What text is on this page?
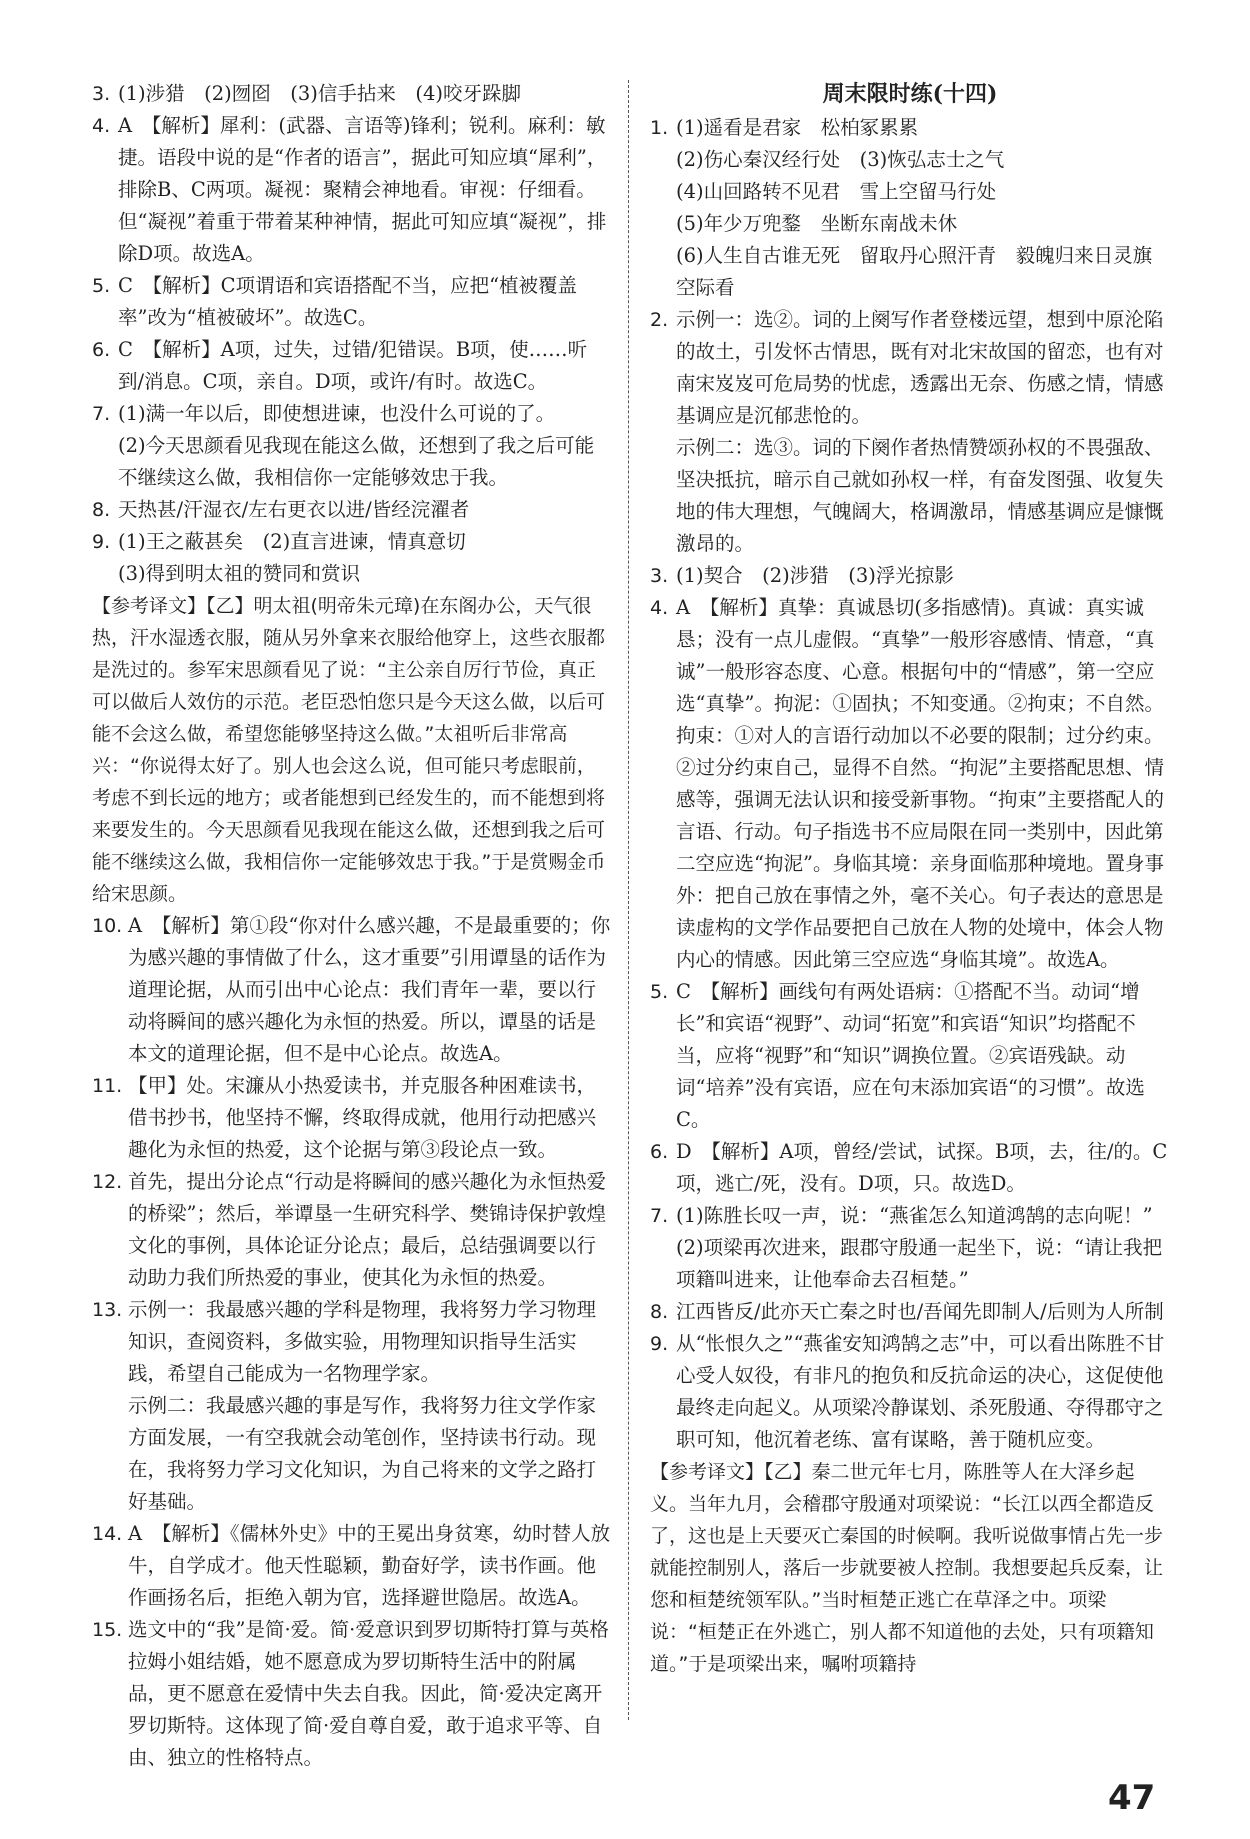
3. (1)涉猎　(2)囫囵　(3)信手拈来　(4)咬牙跺脚

4. A　【解析】犀利：(武器、言语等)锋利；锐利。麻利：敏捷。语段中说的是“作者的语言”，据此可知应填“犀利”，排除B、C两项。凝视：聚精会神地看。审视：仔细看。但“凝视”着重于带着某种神情，据此可知应填“凝视”，排除D项。故选A。

5. C　【解析】C项谓语和宾语搭配不当，应把“植被覆盖率”改为“植被破坏”。故选C。

6. C　【解析】A项，过失，过错/犯错误。B项，使……听到/消息。C项，亲自。D项，或许/有时。故选C。

7. (1)满一年以后，即使想进谏，也没什么可说的了。

(2)今天思颜看见我现在能这么做，还想到了我之后可能不继续这么做，我相信你一定能够效忠于我。

8. 天热甚/汗湿衣/左右更衣以进/皆经浣濯者

9. (1)王之蔽甚矣　(2)直言进谏，情真意切

(3)得到明太祖的赞同和赏识

【参考译文】【乙】明太祖(明帝朱元璋)在东阁办公，天气很热，汗水湿透衣服，随从另外拿来衣服给他穿上，这些衣服都是洗过的。参军宋思颜看见了说：“主公亲自厉行节俭，真正可以做后人效仿的示范。老臣恐怕您只是今天这么做，以后可能不会这么做，希望您能够坚持这么做。”太祖听后非常高兴：“你说得太好了。别人也会这么说，但可能只考虑眼前，考虑不到长远的地方；或者能想到已经发生的，而不能想到将来要发生的。今天思颜看见我现在能这么做，还想到我之后可能不继续这么做，我相信你一定能够效忠于我。”于是赏赐金币给宋思颜。

10. A　【解析】第①段“你对什么感兴趣，不是最重要的；你为感兴趣的事情做了什么，这才重要”引用谭垦的话作为道理论据，从而引出中心论点：我们青年一辈，要以行动将瞬间的感兴趣化为永恒的热爱。所以，谭垦的话是本文的道理论据，但不是中心论点。故选A。

11. 【甲】处。宋濂从小热爱读书，并克服各种困难读书，借书抄书，他坚持不懈，终取得成就，他用行动把感兴趣化为永恒的热爱，这个论据与第③段论点一致。

12. 首先，提出分论点“行动是将瞬间的感兴趣化为永恒热爱的桥梁”；然后，举谭垦一生研究科学、樊锦诗保护敦煌文化的事例，具体论证分论点；最后，总结强调要以行动助力我们所热爱的事业，使其化为永恒的热爱。

13. 示例一：我最感兴趣的学科是物理，我将努力学习物理知识，查阅资料，多做实验，用物理知识指导生活实践，希望自己能成为一名物理学家。

示例二：我最感兴趣的事是写作，我将努力往文学作家方面发展，一有空我就会动笔创作，坚持读书行动。现在，我将努力学习文化知识，为自己将来的文学之路打好基础。

14. A　【解析】《儒林外史》中的王冕出身贫寒，幼时替人放牛，自学成才。他天性聪颖，勤奋好学，读书作画。他作画扬名后，拒绝入朝为官，选择避世隐居。故选A。

15. 选文中的“我”是简·爱。简·爱意识到罗切斯特打算与英格拉姆小姐结婚，她不愿意成为罗切斯特生活中的附属品，更不愿意在爱情中失去自我。因此，简·爱决定离开罗切斯特。这体现了简·爱自尊自爱，敢于追求平等、自由、独立的性格特点。

周末限时练(十四)

1. (1)遥看是君家　松柏冢累累

(2)伤心秦汉经行处　(3)恢弘志士之气

(4)山回路转不见君　雪上空留马行处

(5)年少万兜鍪　坐断东南战未休

(6)人生自古谁无死　留取丹心照汗青　毅魄归来日灵旗空际看

2. 示例一：选②。词的上阕写作者登楼远望，想到中原沦陷的故土，引发怀古情思，既有对北宋故国的留恋，也有对南宋岌岌可危局势的忧虑，透露出无奈、伤感之情，情感基调应是沉郁悲怆的。

示例二：选③。词的下阕作者热情赞颂孙权的不畏强敌、坚决抵抗，暗示自己就如孙权一样，有奋发图强、收复失地的伟大理想，气魄阔大，格调激昂，情感基调应是慷慨激昂的。

3. (1)契合　(2)涉猎　(3)浮光掠影

4. A　【解析】真挚：真诚恳切(多指感情)。真诚：真实诚恳；没有一点儿虚假。“真挚”一般形容感情、情意，“真诚”一般形容态度、心意。根据句中的“情感”，第一空应选“真挚”。拘泥：①固执；不知变通。②拘束；不自然。拘束：①对人的言语行动加以不必要的限制；过分约束。②过分约束自己，显得不自然。“拘泥”主要搭配思想、情感等，强调无法认识和接受新事物。“拘束”主要搭配人的言语、行动。句子指选书不应局限在同一类别中，因此第二空应选“拘泥”。身临其境：亲身面临那种境地。置身事外：把自己放在事情之外，毫不关心。句子表达的意思是读虚构的文学作品要把自己放在人物的处境中，体会人物内心的情感。因此第三空应选“身临其境”。故选A。

5. C　【解析】画线句有两处语病：①搭配不当。动词“增长”和宾语“视野”、动词“拓宽”和宾语“知识”均搭配不当，应将“视野”和“知识”调换位置。②宾语残缺。动词“培养”没有宾语，应在句末添加宾语“的习惯”。故选C。

6. D　【解析】A项，曾经/尝试，试探。B项，去，往/的。C项，逃亡/死，没有。D项，只。故选D。

7. (1)陈胜长叹一声，说：“燕雀怎么知道鸿鹄的志向呢！”

(2)项梁再次进来，跟郡守殷通一起坐下，说：“请让我把项籍叫进来，让他奉命去召桓楚。”

8. 江西皆反/此亦天亡秦之时也/吾闻先即制人/后则为人所制

9. 从“怅恨久之”“燕雀安知鸿鹄之志”中，可以看出陈胜不甘心受人奴役，有非凡的抱负和反抗命运的决心，这促使他最终走向起义。从项梁冷静谋划、杀死殷通、夺得郡守之职可知，他沉着老练、富有谋略，善于随机应变。

【参考译文】【乙】秦二世元年七月，陈胜等人在大泽乡起义。当年九月，会稽郡守殷通对项梁说：“长江以西全都造反了，这也是上天要灭亡秦国的时候啊。我听说做事情占先一步就能控制别人，落后一步就要被人控制。我想要起兵反秦，让您和桓楚统领军队。”当时桓楚正逃亡在草泽之中。项梁说：“桓楚正在外逃亡，别人都不知道他的去处，只有项籍知道。”于是项梁出来，嘱咐项籍持

47
